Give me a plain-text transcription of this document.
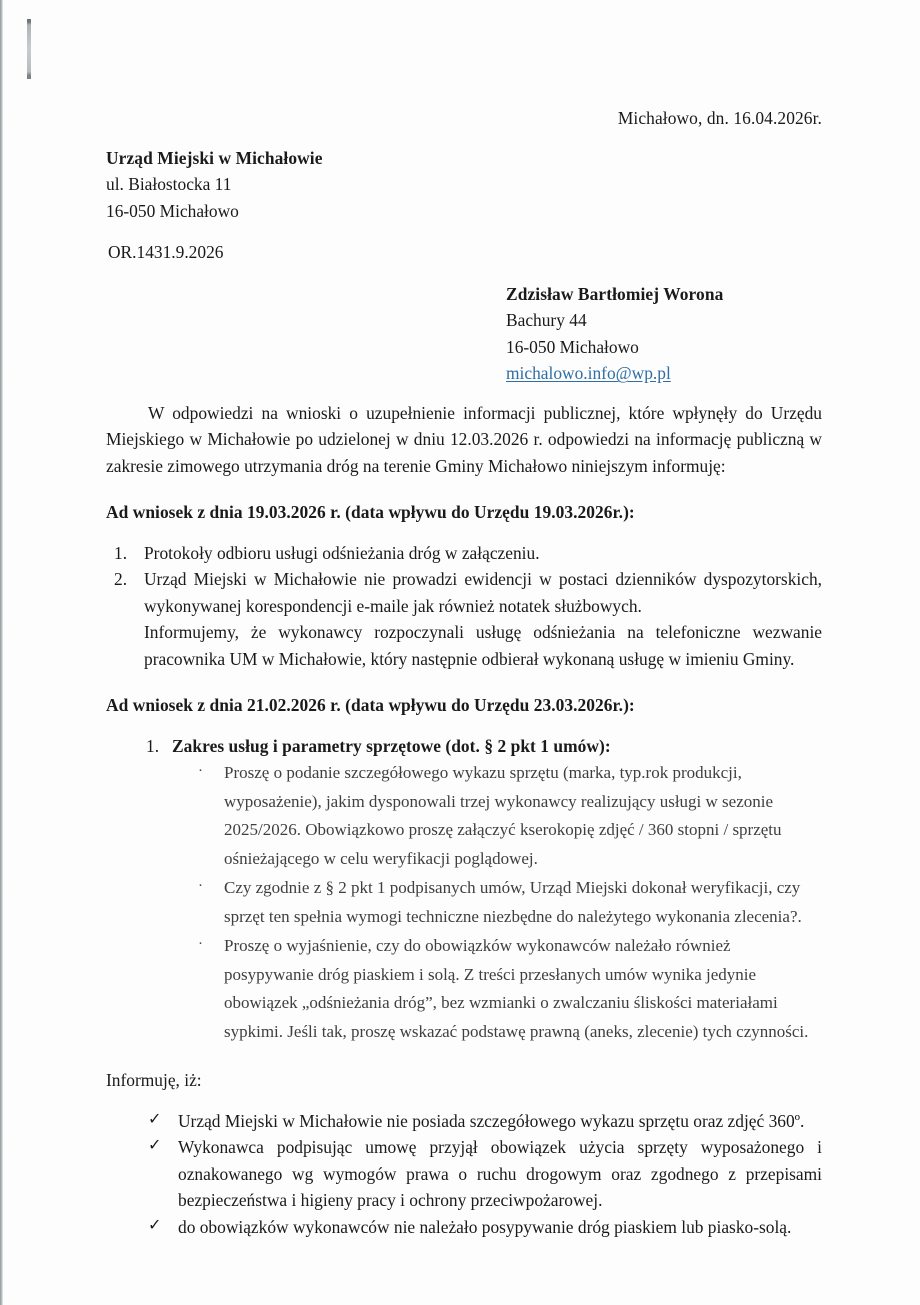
Michałowo, dn. 16.04.2026r.
Urząd Miejski w Michałowie
ul. Białostocka 11
16-050 Michałowo
OR.1431.9.2026
Zdzisław Bartłomiej Worona
Bachury 44
16-050 Michałowo
michalowo.info@wp.pl

W odpowiedzi na wnioski o uzupełnienie informacji publicznej, które wpłynęły do Urzędu Miejskiego w Michałowie po udzielonej w dniu 12.03.2026 r. odpowiedzi na informację publiczną w zakresie zimowego utrzymania dróg na terenie Gminy Michałowo niniejszym informuję:

Ad wniosek z dnia 19.03.2026 r. (data wpływu do Urzędu 19.03.2026r.):

1. Protokoły odbioru usługi odśnieżania dróg w załączeniu.
2. Urząd Miejski w Michałowie nie prowadzi ewidencji w postaci dzienników dyspozytorskich, wykonywanej korespondencji e-maile jak również notatek służbowych.
Informujemy, że wykonawcy rozpoczynali usługę odśnieżania na telefoniczne wezwanie pracownika UM w Michałowie, który następnie odbierał wykonaną usługę w imieniu Gminy.

Ad wniosek z dnia 21.02.2026 r. (data wpływu do Urzędu 23.03.2026r.):

1. Zakres usług i parametry sprzętowe (dot. § 2 pkt 1 umów):
· Proszę o podanie szczegółowego wykazu sprzętu (marka, typ.rok produkcji, wyposażenie), jakim dysponowali trzej wykonawcy realizujący usługi w sezonie 2025/2026. Obowiązkowo proszę załączyć kserokopię zdjęć / 360 stopni / sprzętu ośnieżającego w celu weryfikacji poglądowej.
· Czy zgodnie z § 2 pkt 1 podpisanych umów, Urząd Miejski dokonał weryfikacji, czy sprzęt ten spełnia wymogi techniczne niezbędne do należytego wykonania zlecenia?.
· Proszę o wyjaśnienie, czy do obowiązków wykonawców należało również posypywanie dróg piaskiem i solą. Z treści przesłanych umów wynika jedynie obowiązek „odśnieżania dróg”, bez wzmianki o zwalczaniu śliskości materiałami sypkimi. Jeśli tak, proszę wskazać podstawę prawną (aneks, zlecenie) tych czynności.

Informuję, iż:

✓ Urząd Miejski w Michałowie nie posiada szczegółowego wykazu sprzętu oraz zdjęć 360º.
✓ Wykonawca podpisując umowę przyjął obowiązek użycia sprzęty wyposażonego i oznakowanego wg wymogów prawa o ruchu drogowym oraz zgodnego z przepisami bezpieczeństwa i higieny pracy i ochrony przeciwpożarowej.
✓ do obowiązków wykonawców nie należało posypywanie dróg piaskiem lub piasko-solą.
